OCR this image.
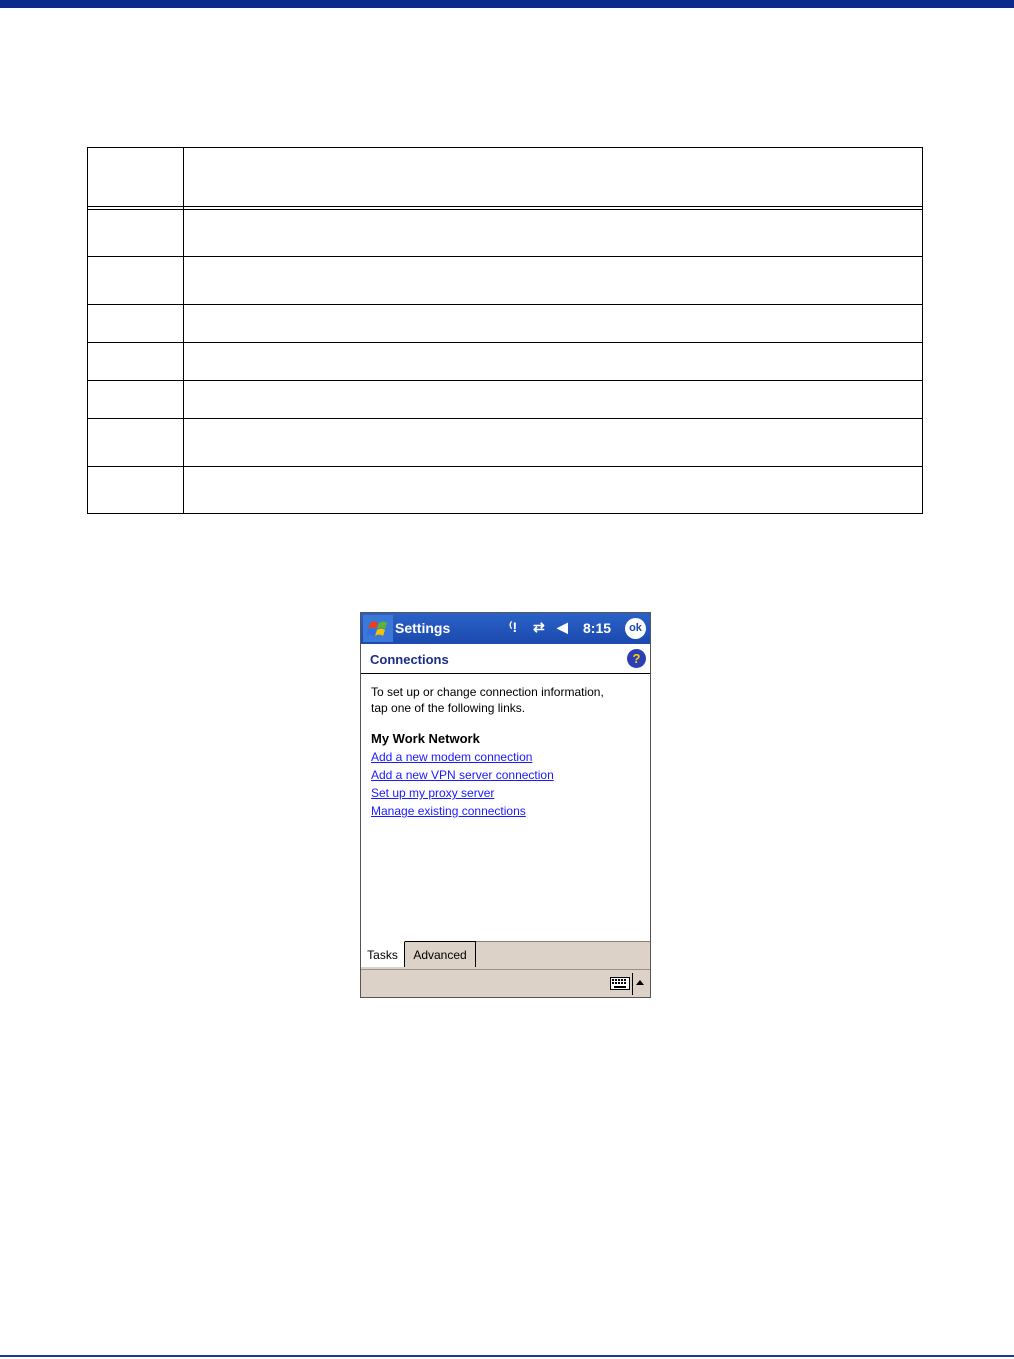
Settings	⁽! ⇄ ◀︎ 8:15	ok
Connections	?
To set up or change connection information,
tap one of the following links.
My Work Network
Add a new modem connection
Add a new VPN server connection
Set up my proxy server
Manage existing connections
Tasks	Advanced
